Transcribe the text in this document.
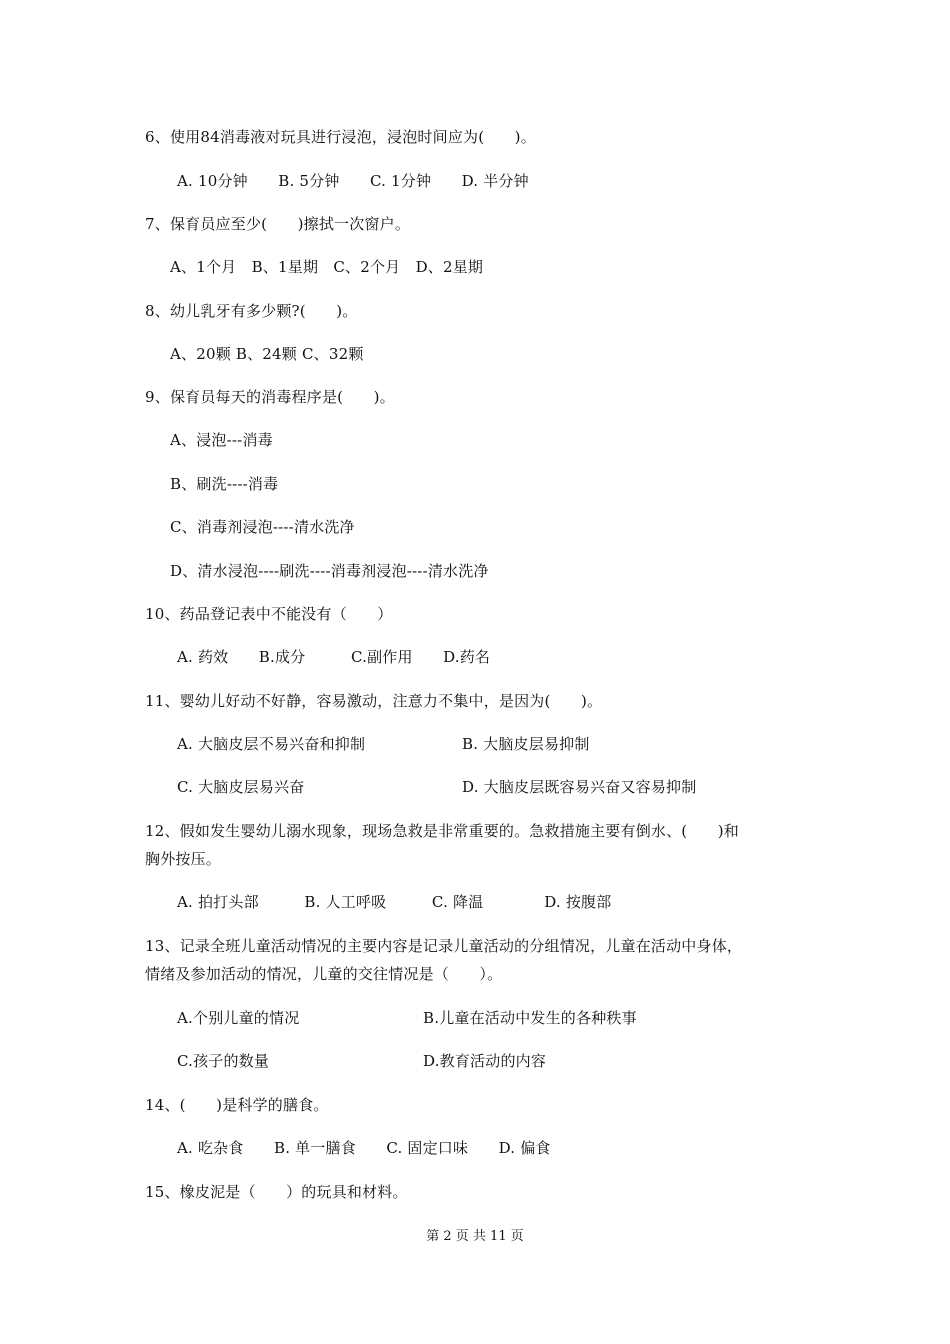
6、使用84消毒液对玩具进行浸泡，浸泡时间应为(　　)。
A. 10分钟　　B. 5分钟　　C. 1分钟　　D. 半分钟
7、保育员应至少(　　)擦拭一次窗户。
A、1个月　B、1星期　C、2个月　D、2星期
8、幼儿乳牙有多少颗?(　　)。
A、20颗 B、24颗 C、32颗
9、保育员每天的消毒程序是(　　)。
A、浸泡---消毒
B、刷洗----消毒
C、消毒剂浸泡----清水洗净
D、清水浸泡----刷洗----消毒剂浸泡----清水洗净
10、药品登记表中不能没有（　　）
A. 药效　　B.成分　　　C.副作用　　D.药名
11、婴幼儿好动不好静，容易激动，注意力不集中，是因为(　　)。
A. 大脑皮层不易兴奋和抑制	B. 大脑皮层易抑制
C. 大脑皮层易兴奋	D. 大脑皮层既容易兴奋又容易抑制
12、假如发生婴幼儿溺水现象，现场急救是非常重要的。急救措施主要有倒水、(　　)和
胸外按压。
A. 拍打头部　　　B. 人工呼吸　　　C. 降温　　　　D. 按腹部
13、记录全班儿童活动情况的主要内容是记录儿童活动的分组情况，儿童在活动中身体，
情绪及参加活动的情况，儿童的交往情况是（　　）。
A.个别儿童的情况	B.儿童在活动中发生的各种秩事
C.孩子的数量	D.教育活动的内容
14、(　　)是科学的膳食。
A. 吃杂食　　B. 单一膳食　　C. 固定口味　　D. 偏食
15、橡皮泥是（　　）的玩具和材料。
第 2 页 共 11 页
